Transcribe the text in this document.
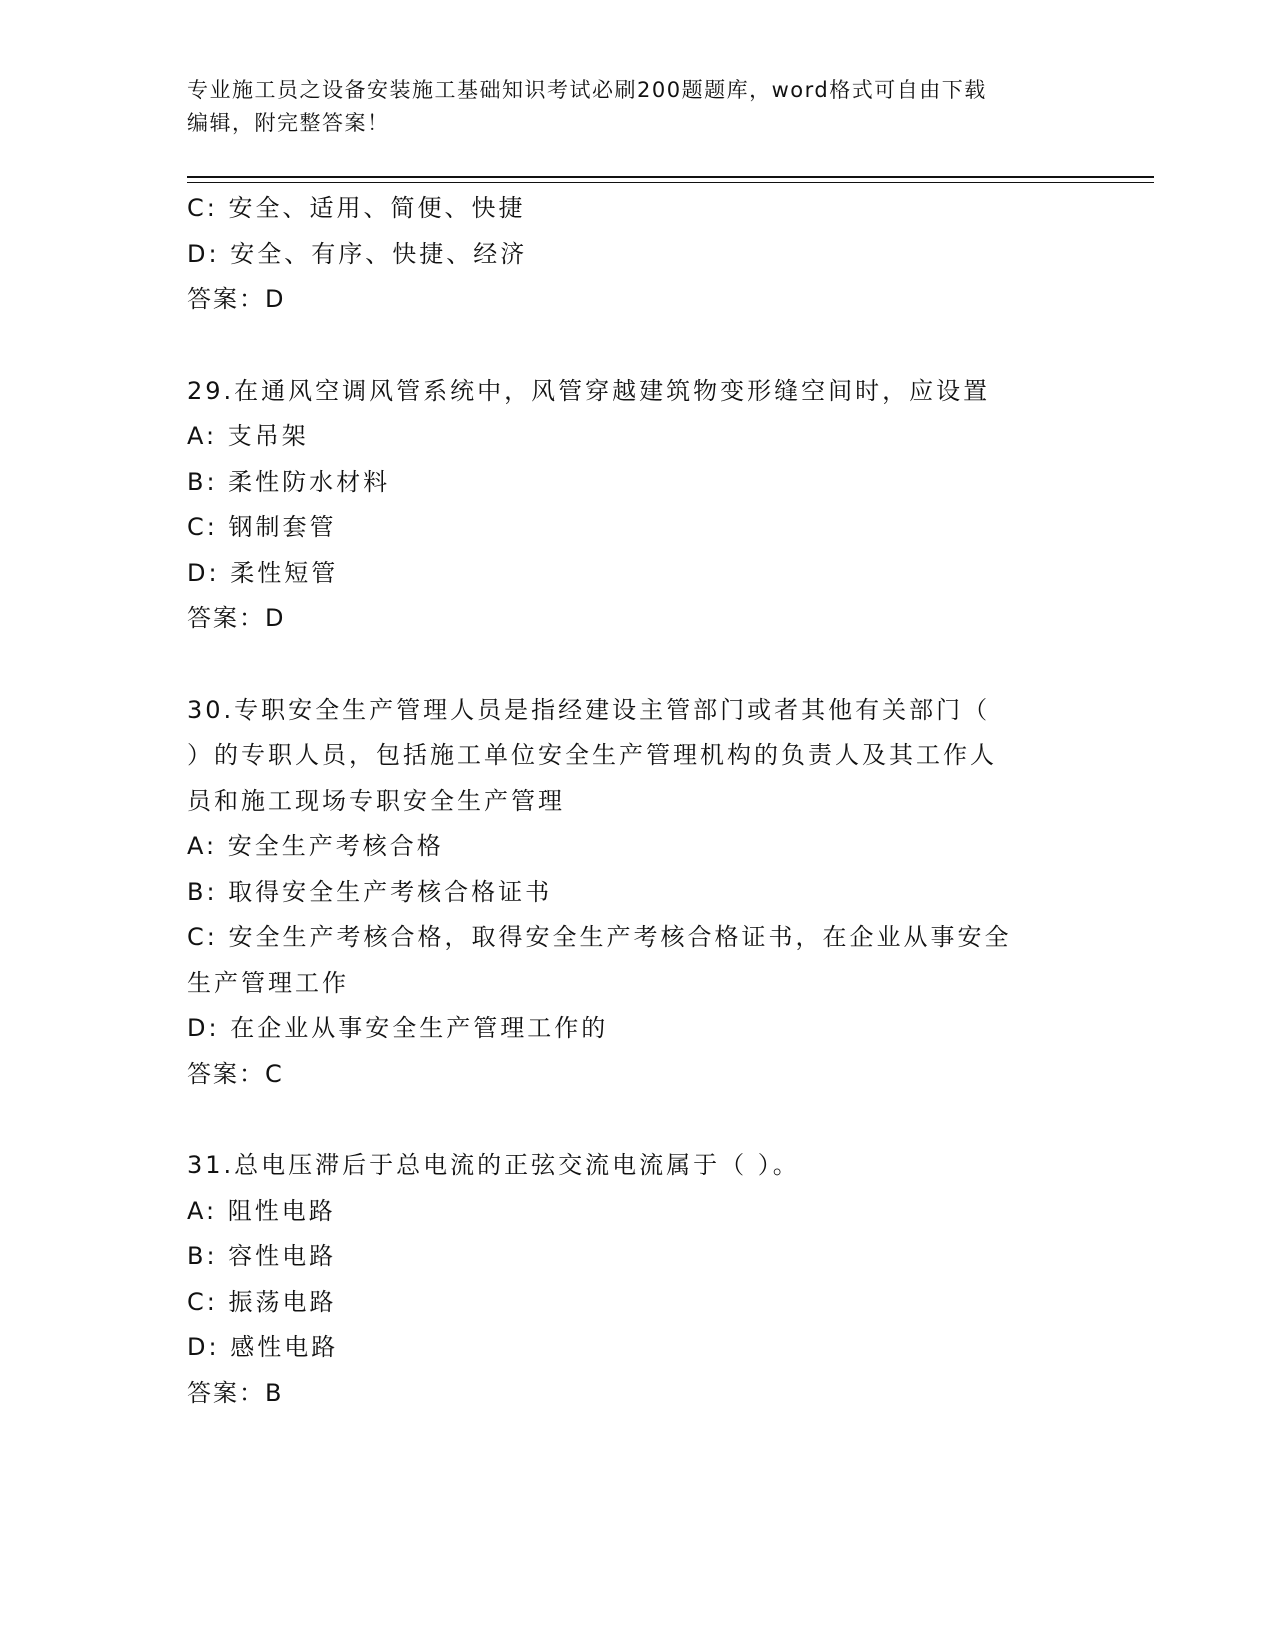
专业施工员之设备安装施工基础知识考试必刷200题题库，word格式可自由下载
编辑，附完整答案！
C: 安全、适用、简便、快捷
D: 安全、有序、快捷、经济
答案：D
29.在通风空调风管系统中，风管穿越建筑物变形缝空间时，应设置
A: 支吊架
B: 柔性防水材料
C: 钢制套管
D: 柔性短管
答案：D
30.专职安全生产管理人员是指经建设主管部门或者其他有关部门（
）的专职人员，包括施工单位安全生产管理机构的负责人及其工作人
员和施工现场专职安全生产管理
A: 安全生产考核合格
B: 取得安全生产考核合格证书
C: 安全生产考核合格，取得安全生产考核合格证书，在企业从事安全
生产管理工作
D: 在企业从事安全生产管理工作的
答案：C
31.总电压滞后于总电流的正弦交流电流属于（ ）。
A: 阻性电路
B: 容性电路
C: 振荡电路
D: 感性电路
答案：B
